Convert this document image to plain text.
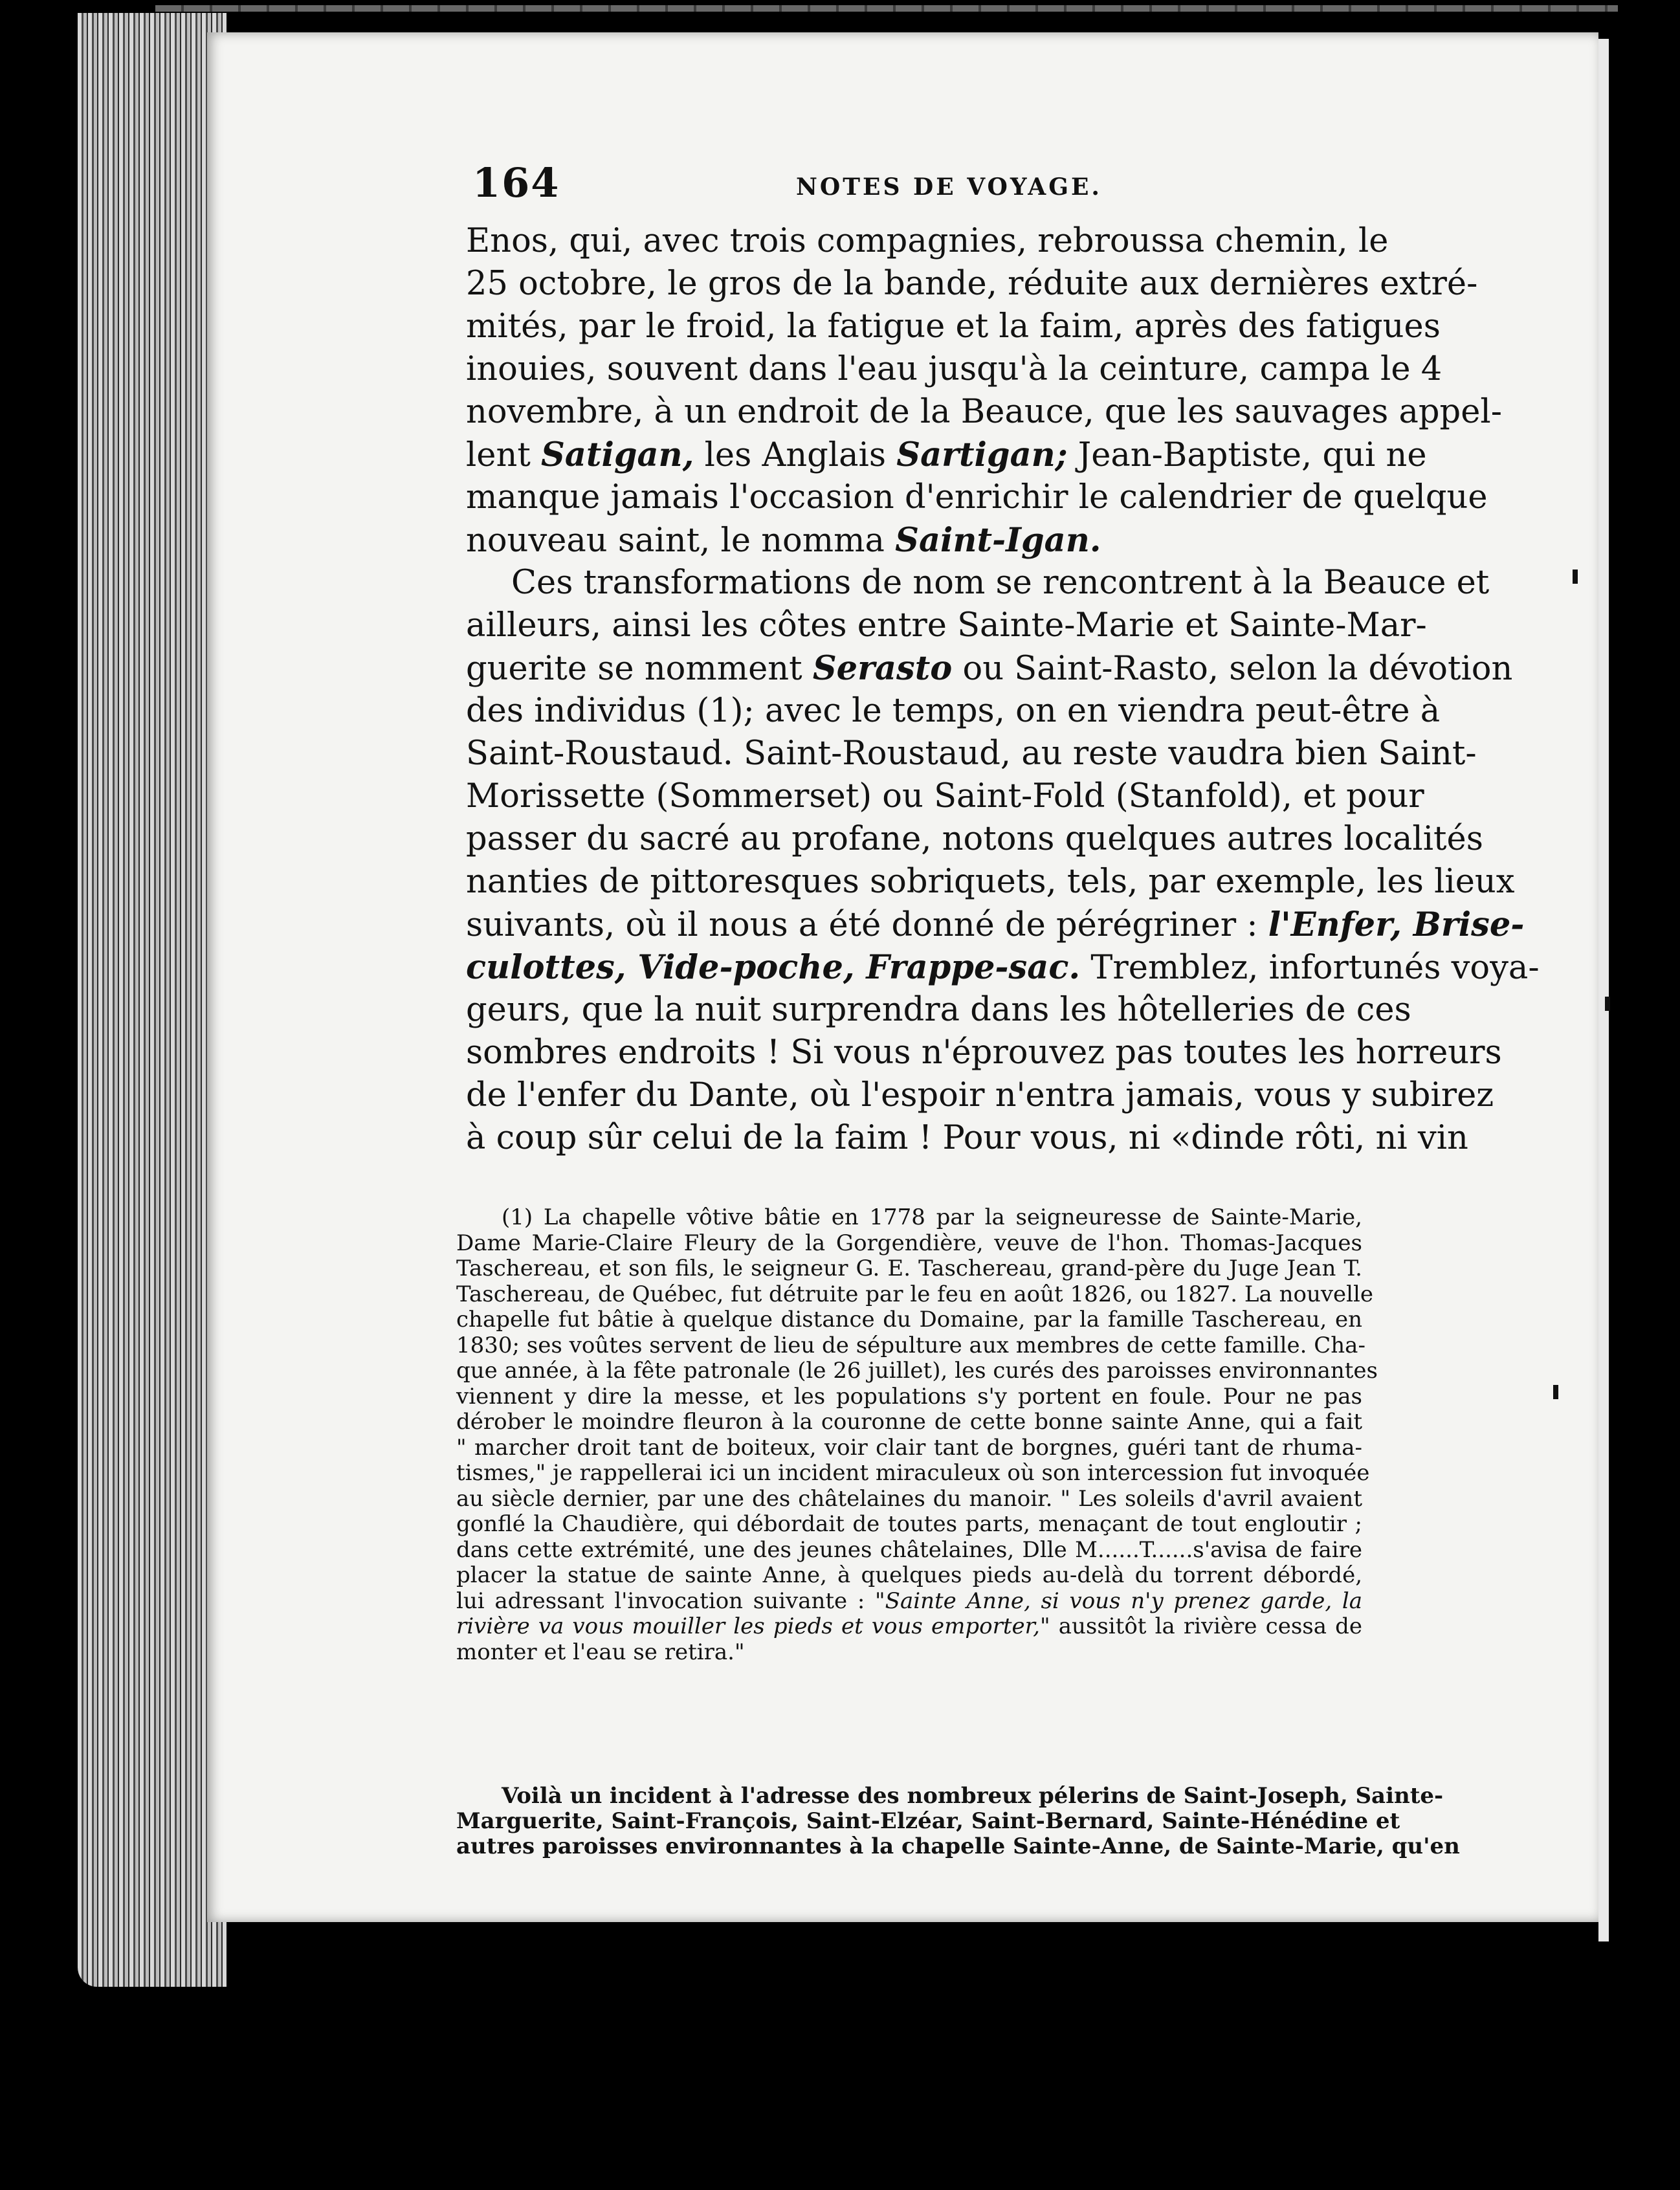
164	NOTES DE VOYAGE.
Enos, qui, avec trois compagnies, rebroussa chemin, le
25 octobre, le gros de la bande, réduite aux dernières extré-
mités, par le froid, la fatigue et la faim, après des fatigues
inouies, souvent dans l'eau jusqu'à la ceinture, campa le 4
novembre, à un endroit de la Beauce, que les sauvages appel-
lent Satigan, les Anglais Sartigan; Jean-Baptiste, qui ne
manque jamais l'occasion d'enrichir le calendrier de quelque
nouveau saint, le nomma Saint-Igan.
Ces transformations de nom se rencontrent à la Beauce et
ailleurs, ainsi les côtes entre Sainte-Marie et Sainte-Mar-
guerite se nomment Serasto ou Saint-Rasto, selon la dévotion
des individus (1); avec le temps, on en viendra peut-être à
Saint-Roustaud. Saint-Roustaud, au reste vaudra bien Saint-
Morissette (Sommerset) ou Saint-Fold (Stanfold), et pour
passer du sacré au profane, notons quelques autres localités
nanties de pittoresques sobriquets, tels, par exemple, les lieux
suivants, où il nous a été donné de pérégriner : l'Enfer, Brise-
culottes, Vide-poche, Frappe-sac. Tremblez, infortunés voya-
geurs, que la nuit surprendra dans les hôtelleries de ces
sombres endroits ! Si vous n'éprouvez pas toutes les horreurs
de l'enfer du Dante, où l'espoir n'entra jamais, vous y subirez
à coup sûr celui de la faim ! Pour vous, ni «dinde rôti, ni vin
(1) La chapelle vôtive bâtie en 1778 par la seigneuresse de Sainte-Marie,
Dame Marie-Claire Fleury de la Gorgendière, veuve de l'hon. Thomas-Jacques
Taschereau, et son fils, le seigneur G. E. Taschereau, grand-père du Juge Jean T.
Taschereau, de Québec, fut détruite par le feu en août 1826, ou 1827. La nouvelle
chapelle fut bâtie à quelque distance du Domaine, par la famille Taschereau, en
1830; ses voûtes servent de lieu de sépulture aux membres de cette famille. Cha-
que année, à la fête patronale (le 26 juillet), les curés des paroisses environnantes
viennent y dire la messe, et les populations s'y portent en foule. Pour ne pas
dérober le moindre fleuron à la couronne de cette bonne sainte Anne, qui a fait
" marcher droit tant de boiteux, voir clair tant de borgnes, guéri tant de rhuma-
tismes," je rappellerai ici un incident miraculeux où son intercession fut invoquée
au siècle dernier, par une des châtelaines du manoir. " Les soleils d'avril avaient
gonflé la Chaudière, qui débordait de toutes parts, menaçant de tout engloutir ;
dans cette extrémité, une des jeunes châtelaines, Dlle M......T......s'avisa de faire
placer la statue de sainte Anne, à quelques pieds au-delà du torrent débordé,
lui adressant l'invocation suivante : "Sainte Anne, si vous n'y prenez garde, la
rivière va vous mouiller les pieds et vous emporter," aussitôt la rivière cessa de
monter et l'eau se retira."
Voilà un incident à l'adresse des nombreux pélerins de Saint-Joseph, Sainte-
Marguerite, Saint-François, Saint-Elzéar, Saint-Bernard, Sainte-Hénédine et
autres paroisses environnantes à la chapelle Sainte-Anne, de Sainte-Marie, qu'en
